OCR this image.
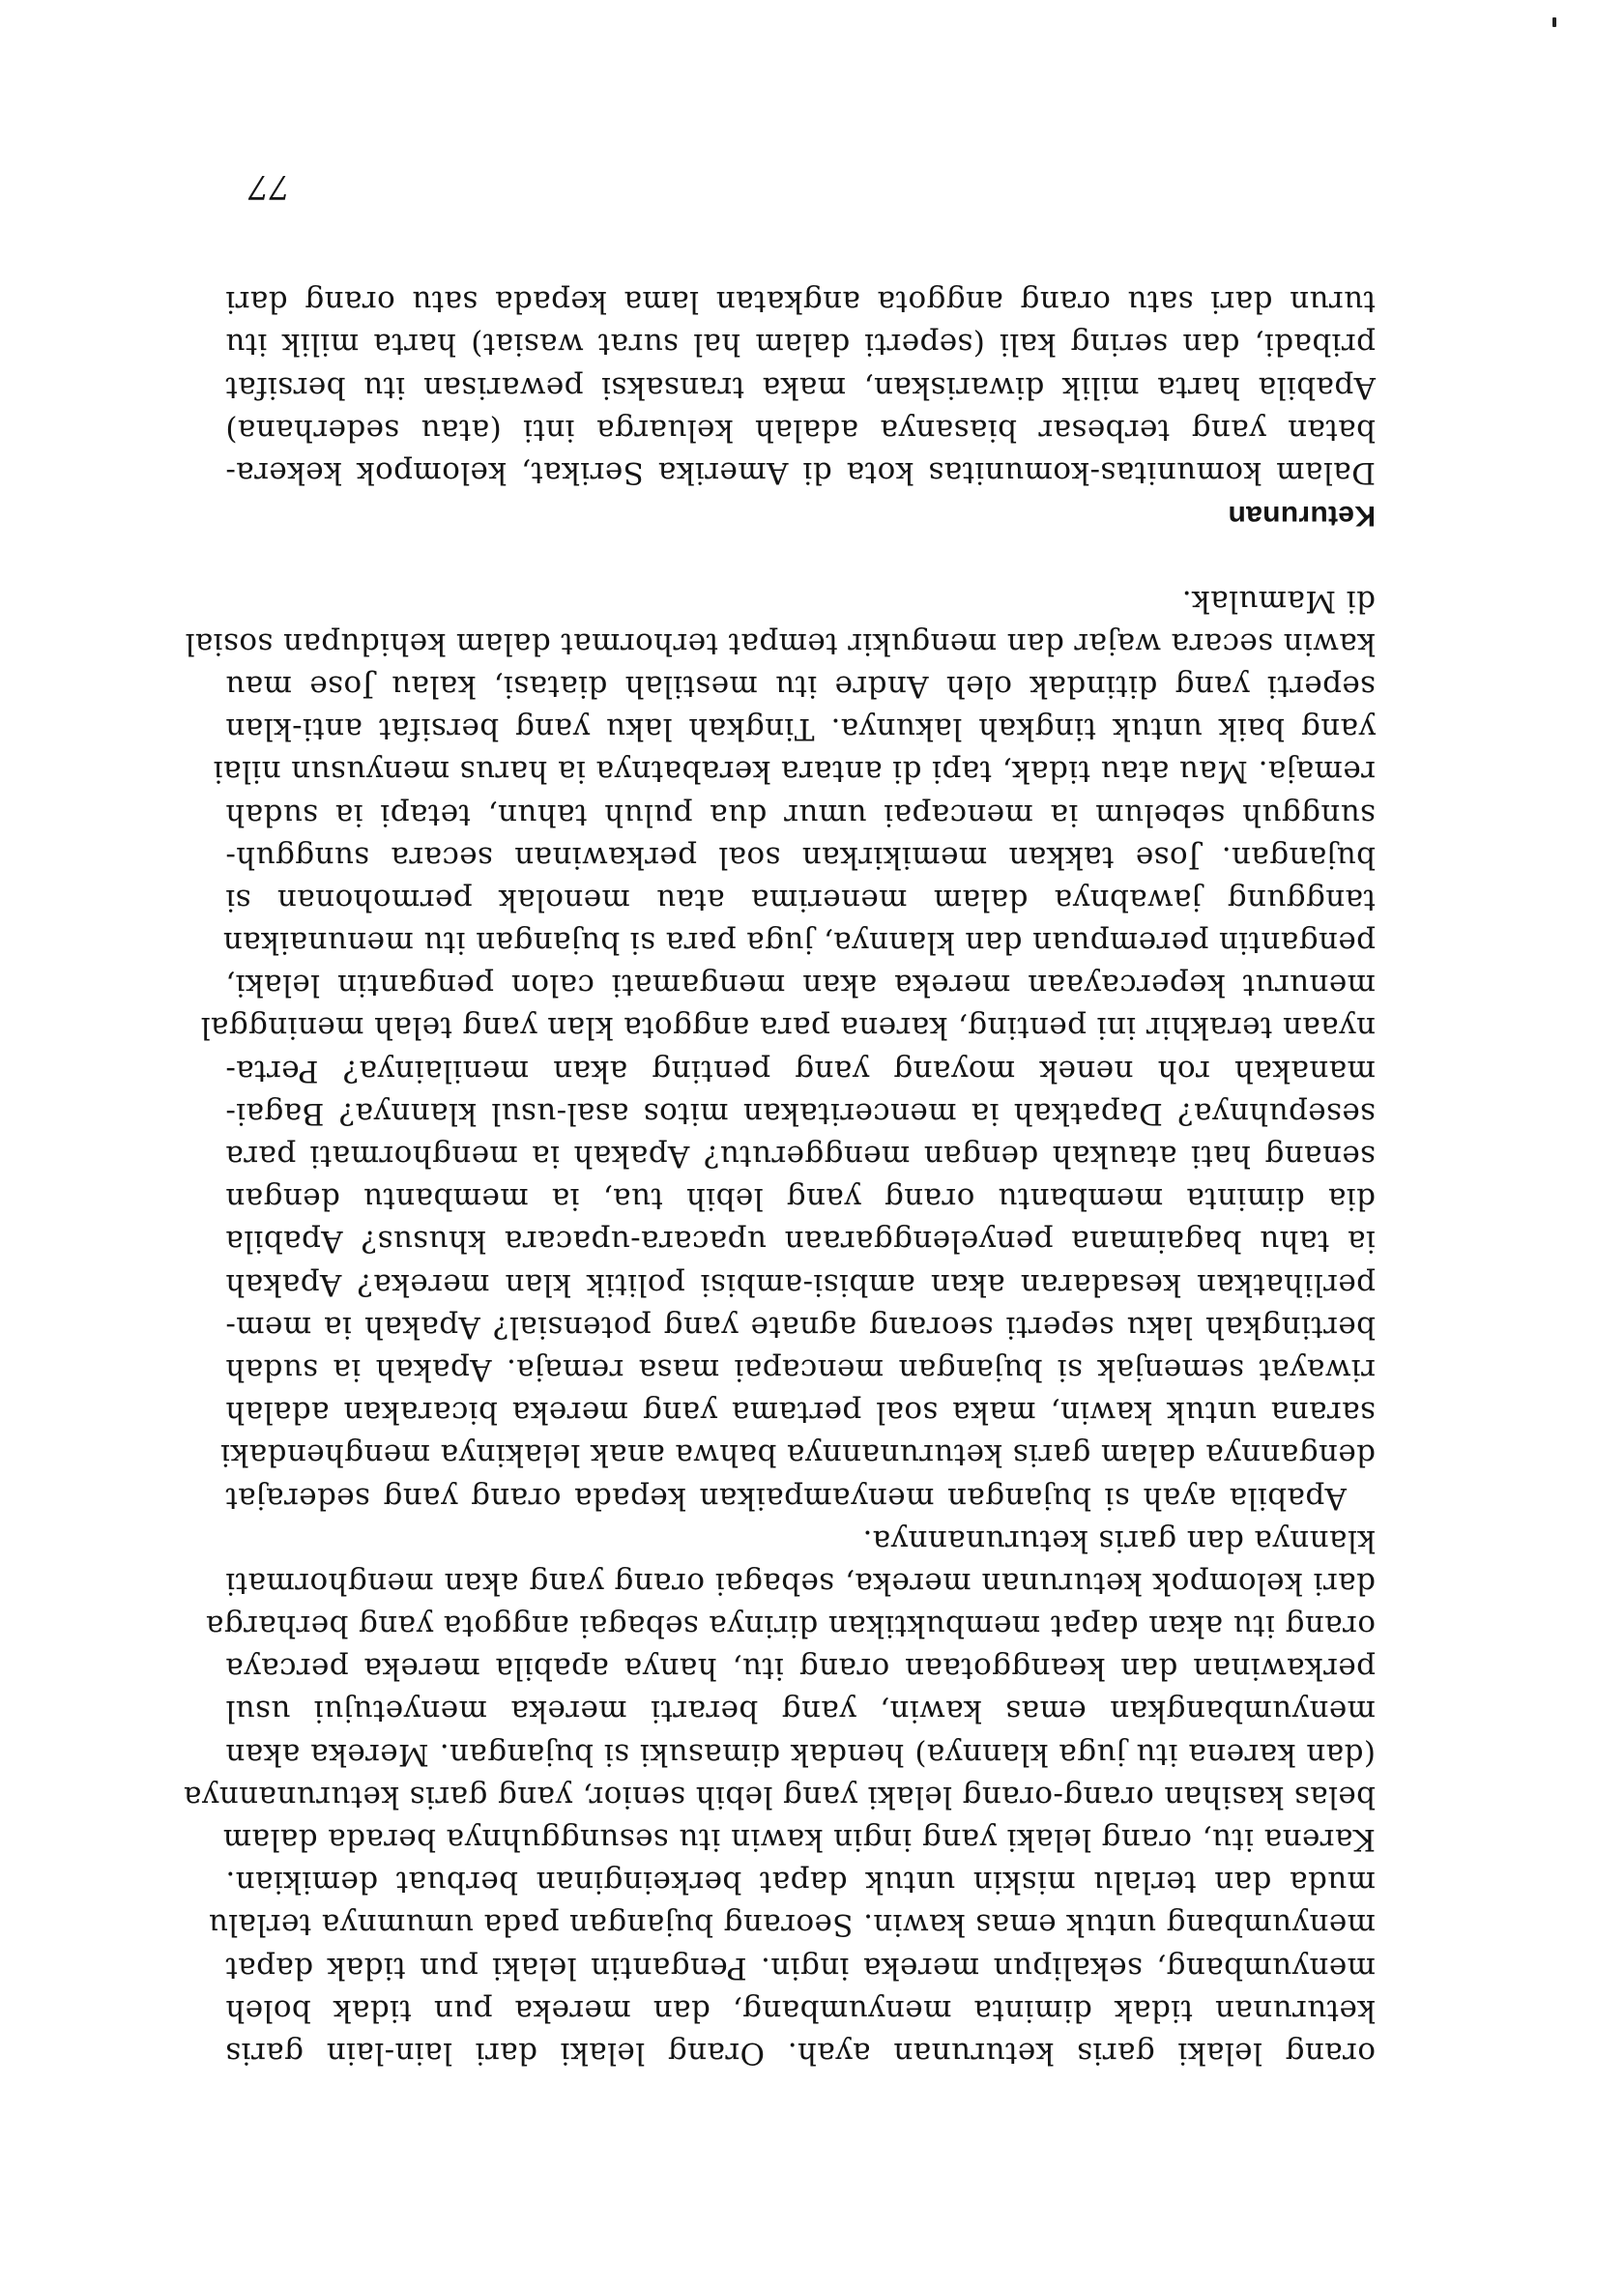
orang lelaki garis keturunan ayah. Orang lelaki dari lain-lain garis
keturunan tidak diminta menyumbang, dan mereka pun tidak boleh
menyumbang, sekalipun mereka ingin. Pengantin lelaki pun tidak dapat
menyumbang untuk emas kawin. Seorang bujangan pada umumnya terlalu
muda dan terlalu miskin untuk dapat berkeinginan berbuat demikian.
Karena itu, orang lelaki yang ingin kawin itu sesungguhnya berada dalam
belas kasihan orang-orang lelaki yang lebih senior, yang garis keturunannya
(dan karena itu juga klannya) hendak dimasuki si bujangan. Mereka akan
menyumbangkan emas kawin, yang berarti mereka menyetujui usul
perkawinan dan keanggotaan orang itu, hanya apabila mereka percaya
orang itu akan dapat membuktikan dirinya sebagai anggota yang berharga
dari kelompok keturunan mereka, sebagai orang yang akan menghormati
klannya dan garis keturunannya.
Apabila ayah si bujangan menyampaikan kepada orang yang sederajat
dengannya dalam garis keturunannya bahwa anak lelakinya menghendaki
sarana untuk kawin, maka soal pertama yang mereka bicarakan adalah
riwayat semenjak si bujangan mencapai masa remaja. Apakah ia sudah
bertingkah laku seperti seorang agnate yang potensial? Apakah ia mem-
perlihatkan kesadaran akan ambisi-ambisi politik klan mereka? Apakah
ia tahu bagaimana penyelenggaraan upacara-upacara khusus? Apabila
dia diminta membantu orang yang lebih tua, ia membantu dengan
senang hati ataukah dengan menggerutu? Apakah ia menghormati para
sesepuhnya? Dapatkah ia menceritakan mitos asal-usul klannya? Bagai-
manakah roh nenek moyang yang penting akan menilainya? Perta-
nyaan terakhir ini penting, karena para anggota klan yang telah meninggal
menurut kepercayaan mereka akan mengamati calon pengantin lelaki,
pengantin perempuan dan klannya, juga para si bujangan itu menunaikan
tanggung jawabnya dalam menerima atau menolak permohonan si
bujangan. Jose takkan memikirkan soal perkawinan secara sungguh-
sungguh sebelum ia mencapai umur dua puluh tahun, tetapi ia sudah
remaja. Mau atau tidak, tapi di antara kerabatnya ia harus menyusun nilai
yang baik untuk tingkah lakunya. Tingkah laku yang bersifat anti-klan
seperti yang ditindak oleh Andre itu mestilah diatasi, kalau Jose mau
kawin secara wajar dan mengukir tempat terhormat dalam kehidupan sosial
di Mamulak.
Keturunan
Dalam komunitas-komunitas kota di Amerika Serikat, kelompok kekera-
batan yang terbesar biasanya adalah keluarga inti (atau sederhana)
Apabila harta milik diwariskan, maka transaksi pewarisan itu bersifat
pribadi, dan sering kali (seperti dalam hal surat wasiat) harta milik itu
turun dari satu orang anggota angkatan lama kepada satu orang dari
77
